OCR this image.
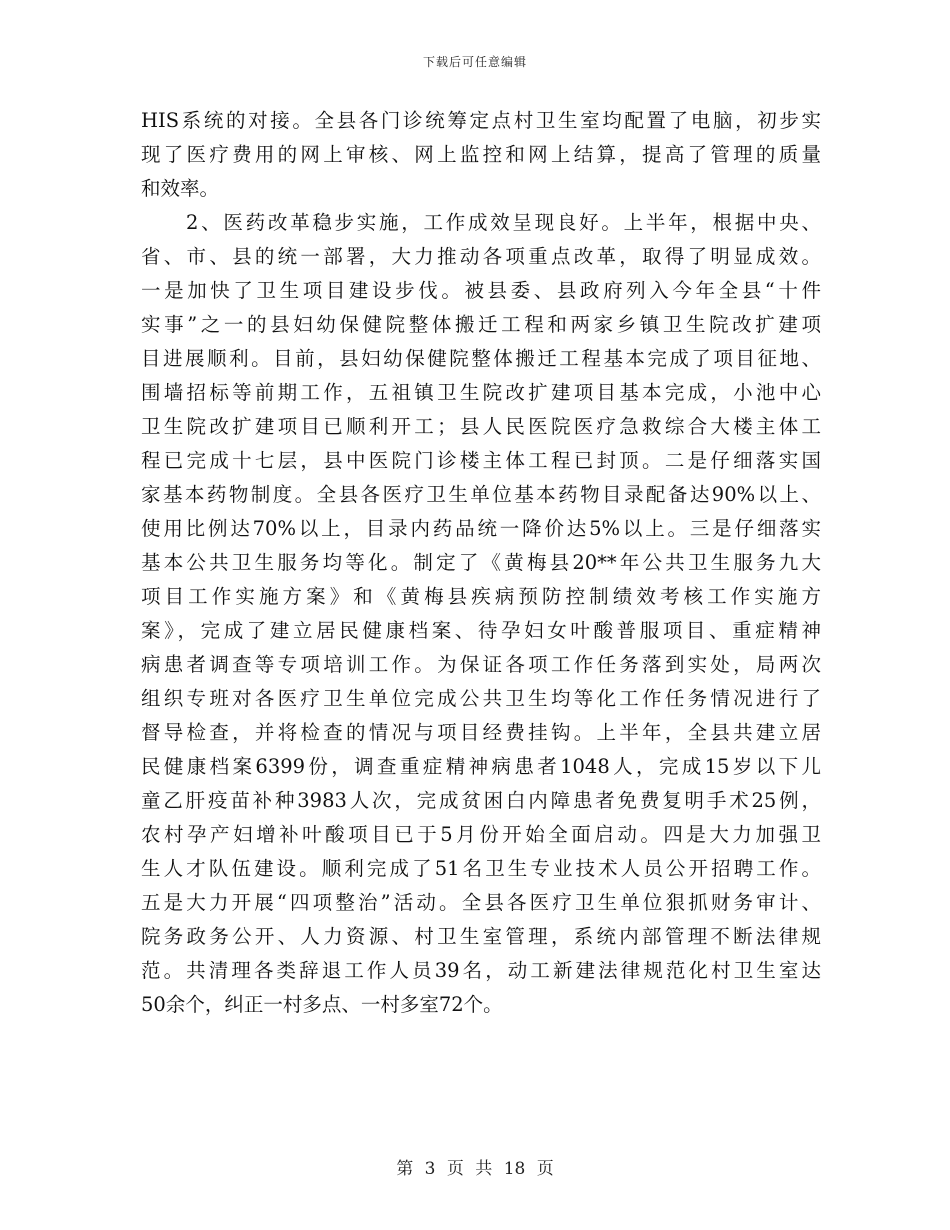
下载后可任意编辑
HIS系统的对接。全县各门诊统筹定点村卫生室均配置了电脑，初步实
现了医疗费用的网上审核、网上监控和网上结算，提高了管理的质量
和效率。
2、医药改革稳步实施，工作成效呈现良好。上半年，根据中央、
省、市、县的统一部署，大力推动各项重点改革，取得了明显成效。
一是加快了卫生项目建设步伐。被县委、县政府列入今年全县“十件
实事”之一的县妇幼保健院整体搬迁工程和两家乡镇卫生院改扩建项
目进展顺利。目前，县妇幼保健院整体搬迁工程基本完成了项目征地、
围墙招标等前期工作，五祖镇卫生院改扩建项目基本完成，小池中心
卫生院改扩建项目已顺利开工；县人民医院医疗急救综合大楼主体工
程已完成十七层，县中医院门诊楼主体工程已封顶。二是仔细落实国
家基本药物制度。全县各医疗卫生单位基本药物目录配备达90%以上、
使用比例达70%以上，目录内药品统一降价达5%以上。三是仔细落实
基本公共卫生服务均等化。制定了《黄梅县20**年公共卫生服务九大
项目工作实施方案》和《黄梅县疾病预防控制绩效考核工作实施方
案》，完成了建立居民健康档案、待孕妇女叶酸普服项目、重症精神
病患者调查等专项培训工作。为保证各项工作任务落到实处，局两次
组织专班对各医疗卫生单位完成公共卫生均等化工作任务情况进行了
督导检查，并将检查的情况与项目经费挂钩。上半年，全县共建立居
民健康档案6399份，调查重症精神病患者1048人，完成15岁以下儿
童乙肝疫苗补种3983人次，完成贫困白内障患者免费复明手术25例，
农村孕产妇增补叶酸项目已于5月份开始全面启动。四是大力加强卫
生人才队伍建设。顺利完成了51名卫生专业技术人员公开招聘工作。
五是大力开展“四项整治”活动。全县各医疗卫生单位狠抓财务审计、
院务政务公开、人力资源、村卫生室管理，系统内部管理不断法律规
范。共清理各类辞退工作人员39名，动工新建法律规范化村卫生室达
50余个，纠正一村多点、一村多室72个。
第 3 页 共 18 页
